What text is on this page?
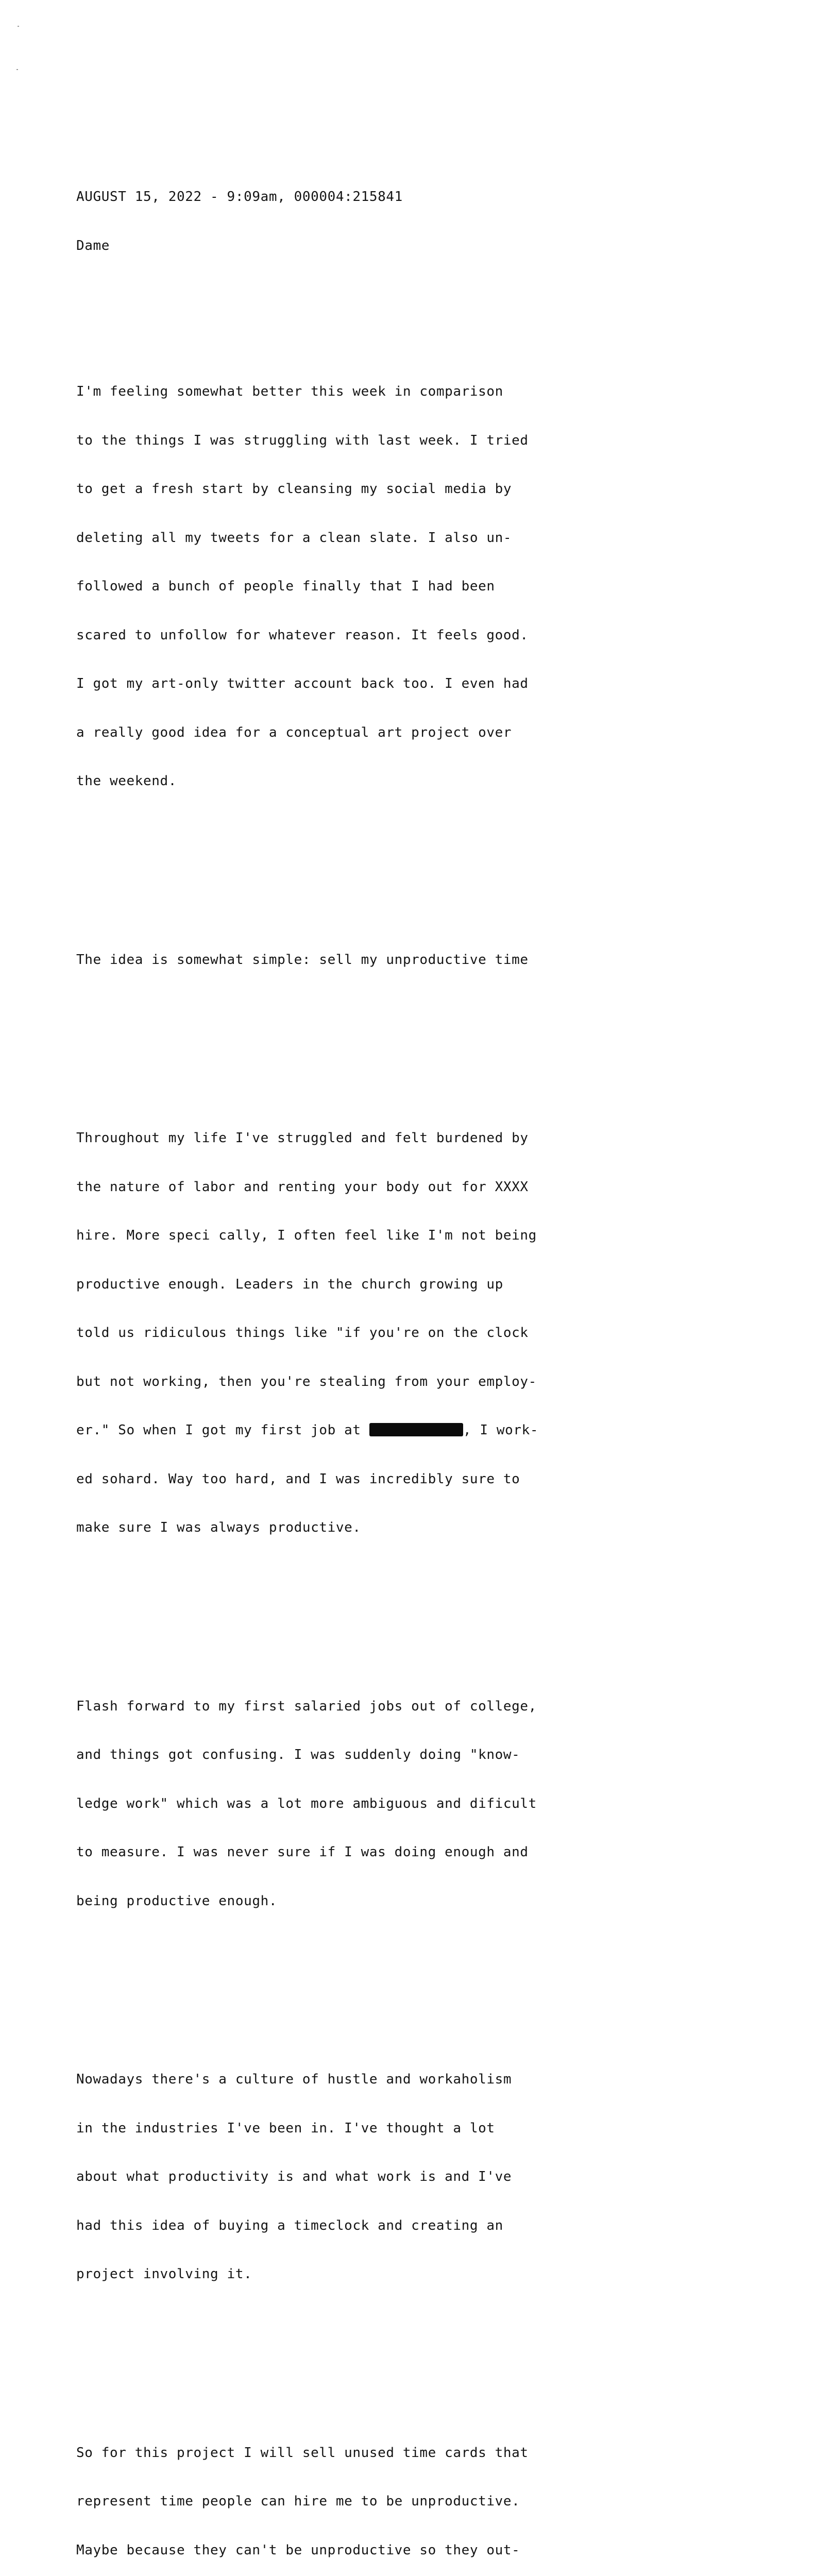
AUGUST 15, 2022 - 9:09am, 000004:215841

Dame

I'm feeling somewhat better this week in comparison

to the things I was struggling with last week. I tried

to get a fresh start by cleansing my social media by

deleting all my tweets for a clean slate. I also un-

followed a bunch of people finally that I had been

scared to unfollow for whatever reason. It feels good.

I got my art-only twitter account back too. I even had

a really good idea for a conceptual art project over

the weekend.

The idea is somewhat simple: sell my unproductive time

Throughout my life I've struggled and felt burdened by

the nature of labor and renting your body out for XXXX

hire. More speci cally, I often feel like I'm not being

productive enough. Leaders in the church growing up

told us ridiculous things like "if you're on the clock

but not working, then you're stealing from your employ-

er." So when I got my first job at	, I work-

ed sohard. Way too hard, and I was incredibly sure to

make sure I was always productive.

Flash forward to my first salaried jobs out of college,

and things got confusing. I was suddenly doing "know-

ledge work" which was a lot more ambiguous and dificult

to measure. I was never sure if I was doing enough and

being productive enough.

Nowadays there's a culture of hustle and workaholism

in the industries I've been in. I've thought a lot

about what productivity is and what work is and I've

had this idea of buying a timeclock and creating an

project involving it.

So for this project I will sell unused time cards that

represent time people can hire me to be unproductive.

Maybe because they can't be unproductive so they out-
